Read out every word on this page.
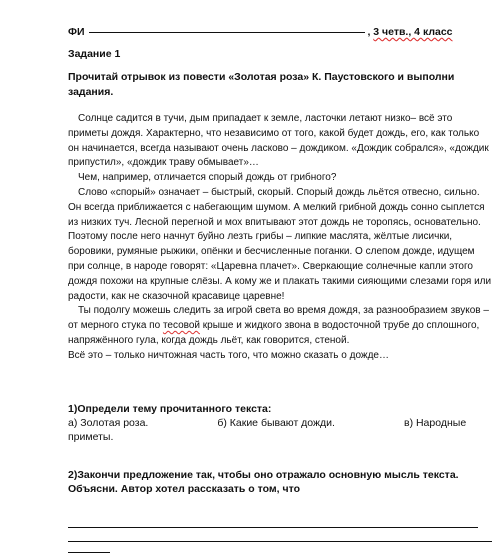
ФИ	, 3 четв., 4 класс
Задание 1
Прочитай отрывок из повести «Золотая роза» К. Паустовского и выполни задания.

Солнце садится в тучи, дым припадает к земле, ласточки летают низко– всё это приметы дождя. Характерно, что независимо от того, какой будет дождь, его, как только он начинается, всегда называют очень ласково – дождиком. «Дождик собрался», «дождик припустил», «дождик траву обмывает»…

Чем, например, отличается спорый дождь от грибного?

Слово «спорый» означает – быстрый, скорый. Спорый дождь льётся отвесно, сильно. Он всегда приближается с набегающим шумом. А мелкий грибной дождь сонно сыплется из низких туч. Лесной перегной и мох впитывают этот дождь не торопясь, основательно. Поэтому после него начнут буйно лезть грибы – липкие маслята, жёлтые лисички, боровики, румяные рыжики, опёнки и бесчисленные поганки. О слепом дожде, идущем при солнце, в народе говорят: «Царевна плачет». Сверкающие солнечные капли этого дождя похожи на крупные слёзы. А кому же и плакать такими сияющими слезами горя или радости, как не сказочной красавице царевне!

Ты подолгу можешь следить за игрой света во время дождя, за разнообразием звуков – от мерного стука по тесовой крыше и жидкого звона в водосточной трубе до сплошного, напряжённого гула, когда дождь льёт, как говорится, стеной.

Всё это – только ничтожная часть того, что можно сказать о дожде…

1)Определи тему прочитанного текста:
а) Золотая роза.	б) Какие бывают дожди.	в) Народные
приметы.
2)Закончи предложение так, чтобы оно отражало основную мысль текста. Объясни. Автор хотел рассказать о том, что
